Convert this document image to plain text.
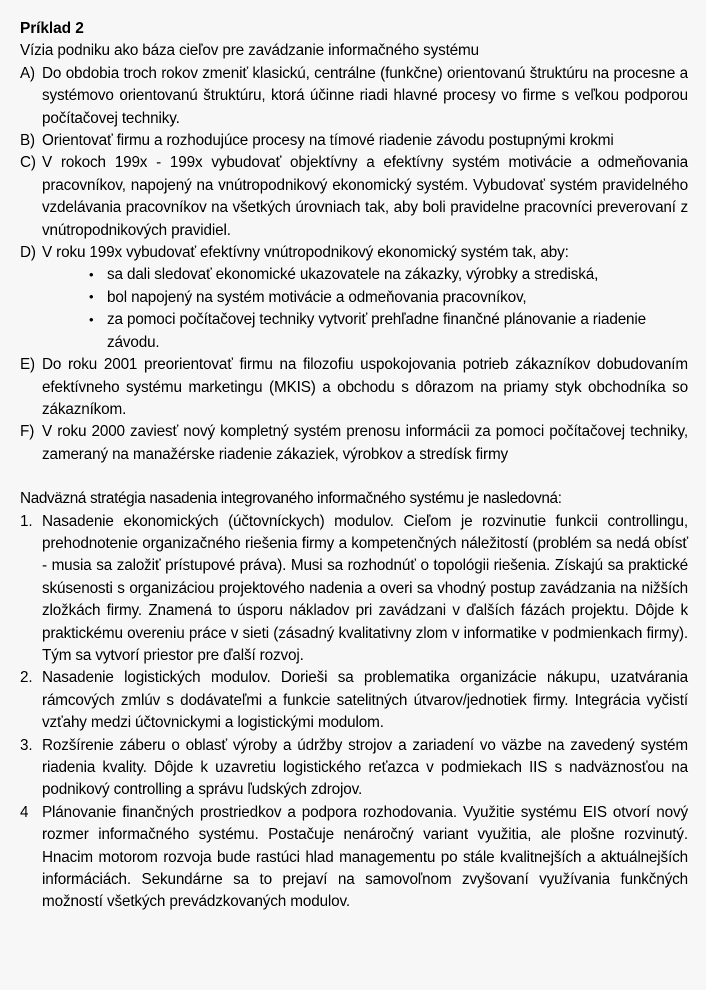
Príklad 2
Vízia podniku ako báza cieľov pre zavádzanie informačného systému
A) Do obdobia troch rokov zmeniť klasickú, centrálne (funkčne) orientovanú štruktúru na procesne a systémovo orientovanú štruktúru, ktorá účinne riadi hlavné procesy vo firme s veľkou podporou počítačovej techniky.
B) Orientovať firmu a rozhodujúce procesy na tímové riadenie závodu postupnými krokmi
C) V rokoch 199x - 199x vybudovať objektívny a efektívny systém motivácie a odmeňovania pracovníkov, napojený na vnútropodnikový ekonomický systém. Vybudovať systém pravidelného vzdelávania pracovníkov na všetkých úrovniach tak, aby boli pravidelne pracovníci preverovaní z vnútropodnikových pravidiel.
D) V roku 199x vybudovať efektívny vnútropodnikový ekonomický systém tak, aby:
• sa dali sledovať ekonomické ukazovatele na zákazky, výrobky a strediská,
• bol napojený na systém motivácie a odmeňovania pracovníkov,
• za pomoci počítačovej techniky vytvoriť prehľadne finančné plánovanie a riadenie závodu.
E) Do roku 2001 preorientovať firmu na filozofiu uspokojovania potrieb zákazníkov dobudovaním efektívneho systému marketingu (MKIS) a obchodu s dôrazom na priamy styk obchodníka so zákazníkom.
F) V roku 2000 zaviesť nový kompletný systém prenosu informácii za pomoci počítačovej techniky, zameraný na manažérske riadenie zákaziek, výrobkov a stredísk firmy
Nadväzná stratégia nasadenia integrovaného informačného systému je nasledovná:
1. Nasadenie ekonomických (účtovníckych) modulov. Cieľom je rozvinutie funkcii controllingu, prehodnotenie organizačného riešenia firmy a kompetenčných náležitostí (problém sa nedá obísť - musia sa založiť prístupové práva). Musi sa rozhodnúť o topológii riešenia. Získajú sa praktické skúsenosti s organizáciou projektového nadenia a overi sa vhodný postup zavádzania na nižších zložkách firmy. Znamená to úsporu nákladov pri zavádzani v ďalších fázách projektu. Dôjde k praktickému overeniu práce v sieti (zásadný kvalitativny zlom v informatike v podmienkach firmy). Tým sa vytvorí priestor pre ďalší rozvoj.
2. Nasadenie logistických modulov. Dorieši sa problematika organizácie nákupu, uzatvárania rámcových zmlúv s dodávateľmi a funkcie satelitných útvarov/jednotiek firmy. Integrácia vyčistí vzťahy medzi účtovnickymi a logistickými modulom.
3. Rozšírenie záberu o oblasť výroby a údržby strojov a zariadení vo väzbe na zavedený systém riadenia kvality. Dôjde k uzavretiu logistického reťazca v podmiekach IIS s nadväznosťou na podnikový controlling a správu ľudských zdrojov.
4 Plánovanie finančných prostriedkov a podpora rozhodovania. Využitie systému EIS otvorí nový rozmer informačného systému. Postačuje nenáročný variant využitia, ale plošne rozvinutý. Hnacim motorom rozvoja bude rastúci hlad managementu po stále kvalitnejších a aktuálnejších informáciách. Sekundárne sa to prejaví na samovoľnom zvyšovaní využívania funkčných možností všetkých prevádzkovaných modulov.
